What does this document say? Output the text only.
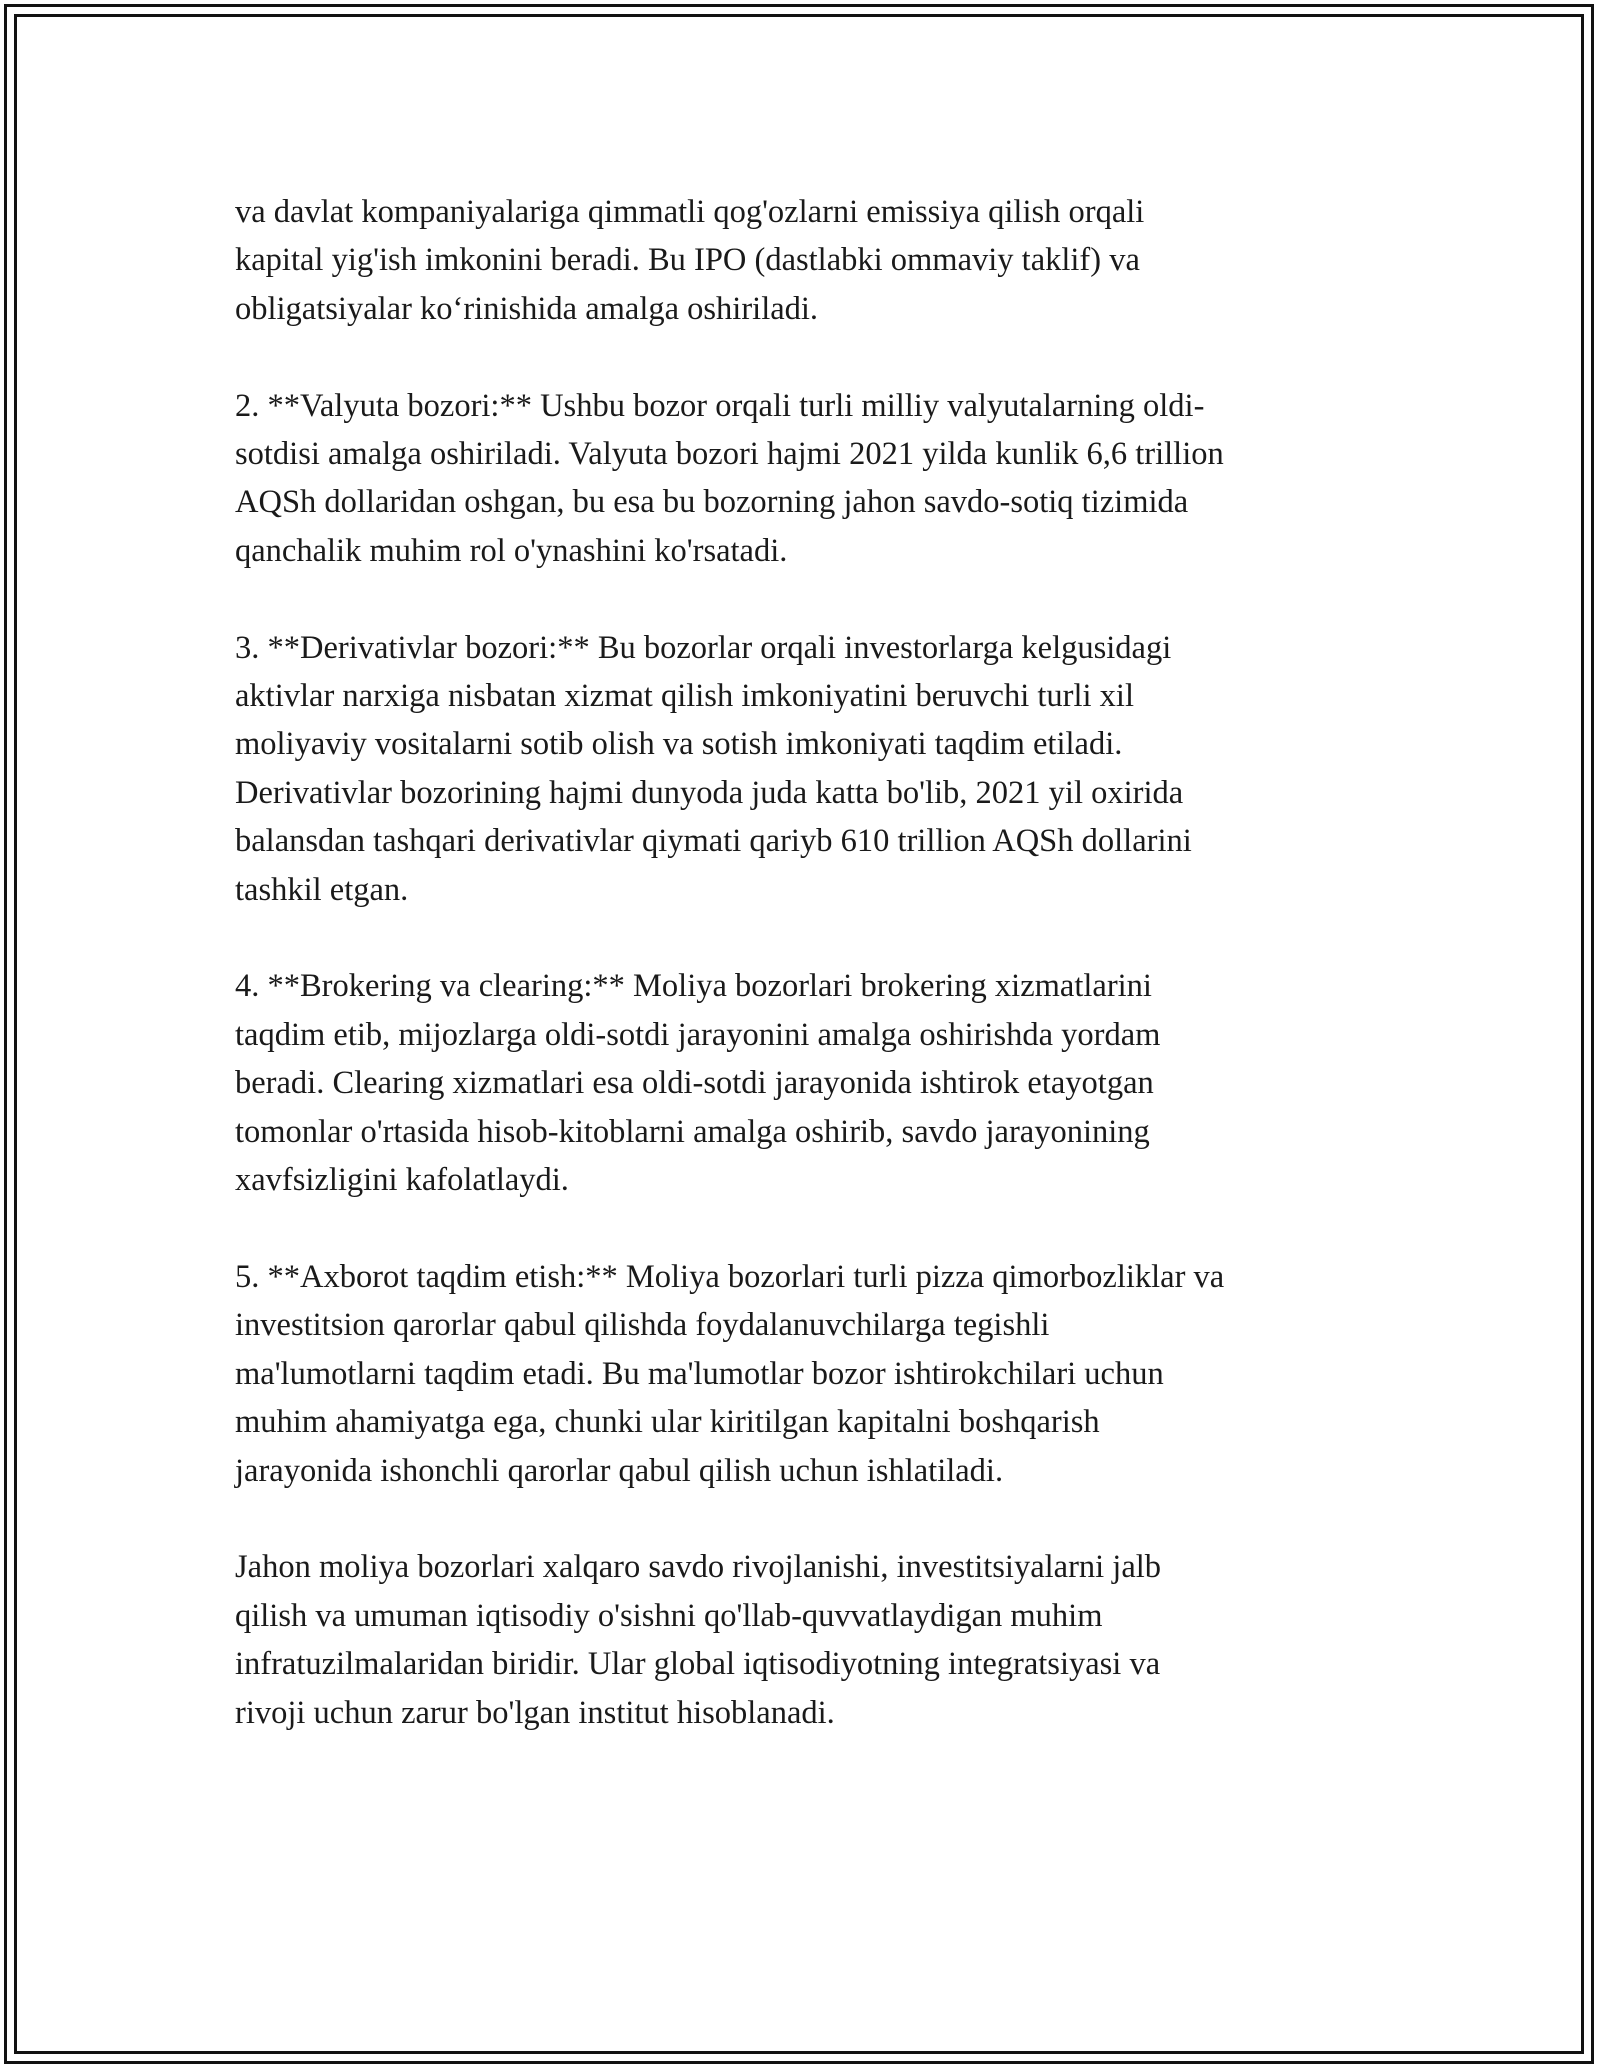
va davlat kompaniyalariga qimmatli qog'ozlarni emissiya qilish orqali
kapital yig'ish imkonini beradi. Bu IPO (dastlabki ommaviy taklif) va
obligatsiyalar ko‘rinishida amalga oshiriladi.

2. **Valyuta bozori:** Ushbu bozor orqali turli milliy valyutalarning oldi-
sotdisi amalga oshiriladi. Valyuta bozori hajmi 2021 yilda kunlik 6,6 trillion
AQSh dollaridan oshgan, bu esa bu bozorning jahon savdo-sotiq tizimida
qanchalik muhim rol o'ynashini ko'rsatadi.

3. **Derivativlar bozori:** Bu bozorlar orqali investorlarga kelgusidagi
aktivlar narxiga nisbatan xizmat qilish imkoniyatini beruvchi turli xil
moliyaviy vositalarni sotib olish va sotish imkoniyati taqdim etiladi.
Derivativlar bozorining hajmi dunyoda juda katta bo'lib, 2021 yil oxirida
balansdan tashqari derivativlar qiymati qariyb 610 trillion AQSh dollarini
tashkil etgan.

4. **Brokering va clearing:** Moliya bozorlari brokering xizmatlarini
taqdim etib, mijozlarga oldi-sotdi jarayonini amalga oshirishda yordam
beradi. Clearing xizmatlari esa oldi-sotdi jarayonida ishtirok etayotgan
tomonlar o'rtasida hisob-kitoblarni amalga oshirib, savdo jarayonining
xavfsizligini kafolatlaydi.

5. **Axborot taqdim etish:** Moliya bozorlari turli pizza qimorbozliklar va
investitsion qarorlar qabul qilishda foydalanuvchilarga tegishli
ma'lumotlarni taqdim etadi. Bu ma'lumotlar bozor ishtirokchilari uchun
muhim ahamiyatga ega, chunki ular kiritilgan kapitalni boshqarish
jarayonida ishonchli qarorlar qabul qilish uchun ishlatiladi.

Jahon moliya bozorlari xalqaro savdo rivojlanishi, investitsiyalarni jalb
qilish va umuman iqtisodiy o'sishni qo'llab-quvvatlaydigan muhim
infratuzilmalaridan biridir. Ular global iqtisodiyotning integratsiyasi va
rivoji uchun zarur bo'lgan institut hisoblanadi.
